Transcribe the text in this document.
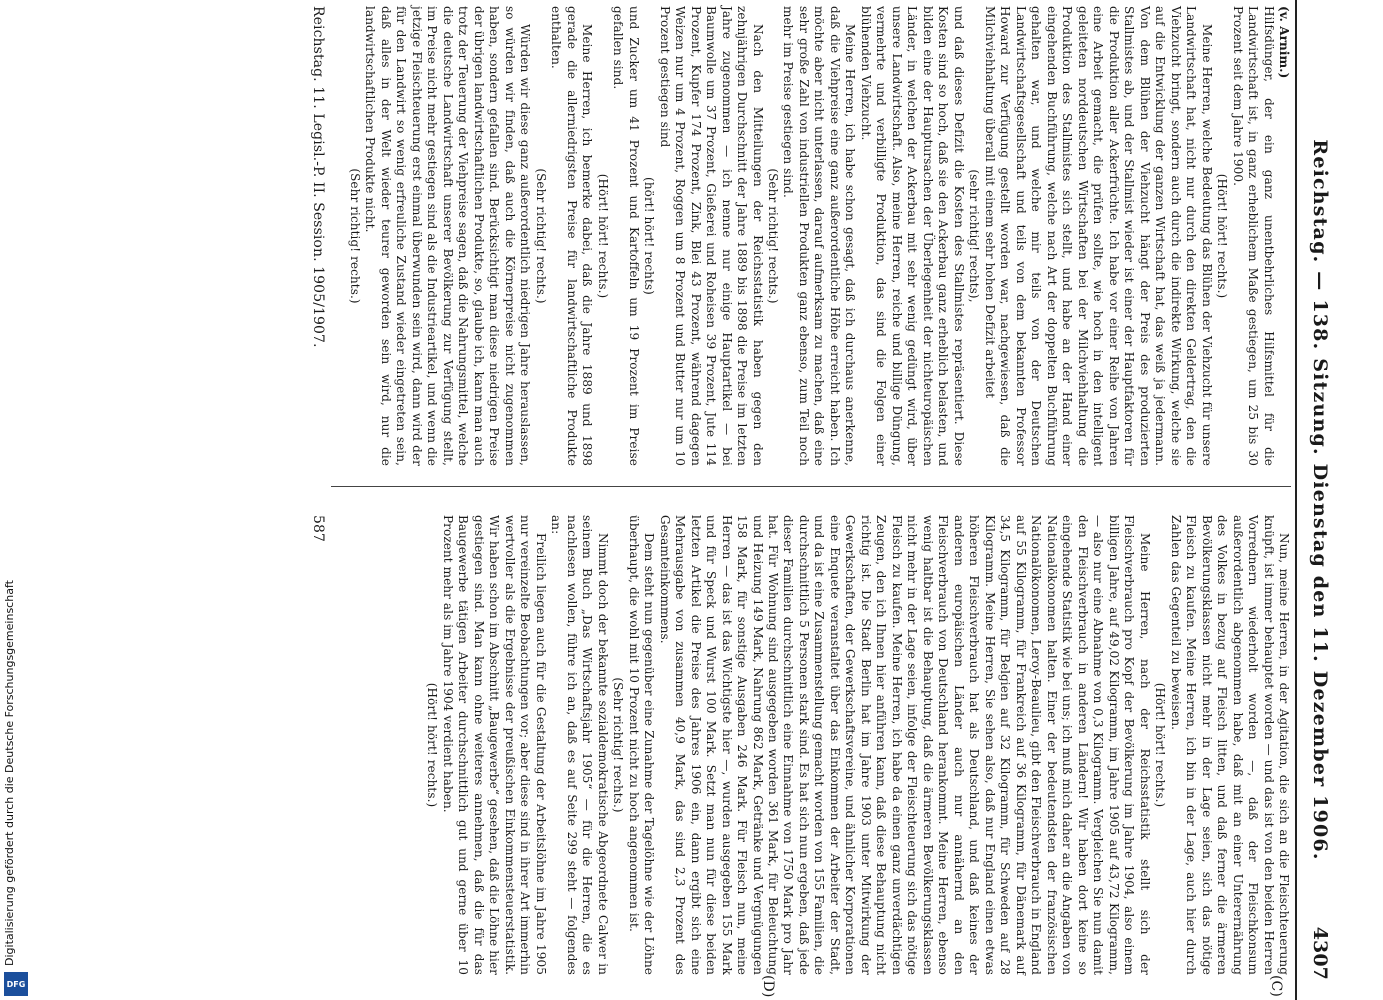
Digitalisierung gefördert durch die Deutsche Forschungsgemeinschaft
DFG
Reichstag. — 138. Sitzung. Dienstag den 11. Dezember 1906.
4307
(C)
(D)

(v. Arnim.)

Hilfsdünger, der ein ganz unentbehrliches Hilfsmittel für die Landwirtschaft ist, in ganz erheblichem Maße gestiegen, um 25 bis 30 Prozent seit dem Jahre 1900.

(Hört! hört! rechts.)

Meine Herren, welche Bedeutung das Blühen der Viehzucht für unsere Landwirtschaft hat, nicht nur durch den direkten Geldertrag, den die Viehzucht bringt, sondern auch durch die indirekte Wirkung, welche sie auf die Entwicklung der ganzen Wirtschaft hat, das weiß ja jedermann. Von dem Blühen der Viehzucht hängt der Preis des produzierten Stallmistes ab, und der Stallmist wieder ist einer der Hauptfaktoren für die Produktion aller Ackerfrüchte. Ich habe vor einer Reihe von Jahren eine Arbeit gemacht, die prüfen sollte, wie hoch in den intelligent geleiteten norddeutschen Wirtschaften bei der Milchviehhaltung die Produktion des Stallmistes sich stellt, und habe an der Hand einer eingehenden Buchführung, welche nach Art der doppelten Buchführung gehalten war, und welche mir teils von der Deutschen Landwirtschaftsgesellschaft und teils von dem bekannten Professor Howard zur Verfügung gestellt worden war, nachgewiesen, daß die Milchviehhaltung überall mit einem sehr hohen Defizit arbeitet

(sehr richtig! rechts),

und daß dieses Defizit die Kosten des Stallmistes repräsentiert. Diese Kosten sind so hoch, daß sie den Ackerbau ganz erheblich belasten, und bilden eine der Hauptursachen der Überlegenheit der nichteuropäischen Länder, in welchen der Ackerbau mit sehr wenig gedüngt wird, über unsere Landwirtschaft. Also, meine Herren, reiche und billige Düngung, vermehrte und verbilligte Produktion, das sind die Folgen einer blühenden Viehzucht.

Meine Herren, ich habe schon gesagt, daß ich durchaus anerkenne, daß die Viehpreise eine ganz außerordentliche Höhe erreicht haben. Ich möchte aber nicht unterlassen, darauf aufmerksam zu machen, daß eine sehr große Zahl von industriellen Produkten ganz ebenso, zum Teil noch mehr im Preise gestiegen sind.

(Sehr richtig! rechts.)

Nach den Mitteilungen der Reichsstatistik haben gegen den zehnjährigen Durchschnitt der Jahre 1889 bis 1898 die Preise im letzten Jahre zugenommen — ich nenne nur einige Hauptartikel — bei Baumwolle um 37 Prozent, Gießerei und Roheisen 39 Prozent, Jute 114 Prozent, Kupfer 174 Prozent, Zink, Blei 43 Prozent, während dagegen Weizen nur um 4 Prozent, Roggen um 8 Prozent und Butter nur um 10 Prozent gestiegen sind

(hört! hört! rechts)

und Zucker um 41 Prozent und Kartoffeln um 19 Prozent im Preise gefallen sind.

(Hört! hört! rechts.)

Meine Herren, ich bemerke dabei, daß die Jahre 1889 und 1898 gerade die allerniedrigsten Preise für landwirtschaftliche Produkte enthalten.

(Sehr richtig! rechts.)

Würden wir diese ganz außerordentlich niedrigen Jahre herauslassen, so würden wir finden, daß auch die Körnerpreise nicht zugenommen haben, sondern gefallen sind. Berücksichtigt man diese niedrigen Preise der übrigen landwirtschaftlichen Produkte, so, glaube ich, kann man auch trotz der Teuerung der Viehpreise sagen, daß die Nahrungsmittel, welche die deutsche Landwirtschaft unserer Bevölkerung zur Verfügung stellt, im Preise nicht mehr gestiegen sind als die Industrieartikel, und wenn die jetzige Fleischteuerung erst einmal überwunden sein wird, dann wird der für den Landwirt so wenig erfreuliche Zustand wieder eingetreten sein, daß alles in der Welt wieder teurer geworden sein wird, nur die landwirtschaftlichen Produkte nicht.

(Sehr richtig! rechts.)

Nun, meine Herren, in der Agitation, die sich an die Fleischteuerung knüpft, ist immer behauptet worden — und das ist von den beiden Herren Vorrednern wiederholt worden —, daß der Fleischkonsum außerordentlich abgenommen habe, daß mit an einer Unterernährung des Volkes in bezug auf Fleisch litten, und daß ferner die ärmeren Bevölkerungsklassen nicht mehr in der Lage seien, sich das nötige Fleisch zu kaufen. Meine Herren, ich bin in der Lage, auch hier durch Zahlen das Gegenteil zu beweisen.

(Hört! hört! rechts.)

Meine Herren, nach der Reichsstatistik stellt sich der Fleischverbrauch pro Kopf der Bevölkerung im Jahre 1904, also einem billigen Jahre, auf 49,02 Kilogramm, im Jahre 1905 auf 43,72 Kilogramm, — also nur eine Abnahme von 0,3 Kilogramm. Vergleichen Sie nun damit den Fleischverbrauch in anderen Ländern! Wir haben dort keine so eingehende Statistik wie bei uns; ich muß mich daher an die Angaben von Nationalökonomen halten. Einer der bedeutendsten der französischen Nationalökonomen, Leroy-Beaulieu, gibt den Fleischverbrauch in England auf 55 Kilogramm, für Frankreich auf 36 Kilogramm, für Dänemark auf 34,5 Kilogramm, für Belgien auf 32 Kilogramm, für Schweden auf 28 Kilogramm. Meine Herren, Sie sehen also, daß nur England einen etwas höheren Fleischverbrauch hat als Deutschland, und daß keines der anderen europäischen Länder auch nur annähernd an den Fleischverbrauch von Deutschland herankommt. Meine Herren, ebenso wenig haltbar ist die Behauptung, daß die ärmeren Bevölkerungsklassen nicht mehr in der Lage seien, infolge der Fleischteuerung sich das nötige Fleisch zu kaufen. Meine Herren, ich habe da einen ganz unverdächtigen Zeugen, den ich Ihnen hier anführen kann, daß diese Behauptung nicht richtig ist. Die Stadt Berlin hat im Jahre 1903 unter Mitwirkung der Gewerkschaften, der Gewerkschaftsvereine, und ähnlicher Korporationen eine Enquete veranstaltet über das Einkommen der Arbeiter der Stadt, und da ist eine Zusammenstellung gemacht worden von 155 Familien, die durchschnittlich 5 Personen stark sind. Es hat sich nun ergeben, daß jede dieser Familien durchschnittlich eine Einnahme von 1750 Mark pro Jahr hat. Für Wohnung sind ausgegeben worden 361 Mark, für Beleuchtung und Heizung 149 Mark, Nahrung 862 Mark, Getränke und Vergnügungen 158 Mark, für sonstige Ausgaben 246 Mark. Für Fleisch nun, meine Herren — das ist das Wichtigste hier —, wurden ausgegeben 155 Mark und für Speck und Wurst 100 Mark. Setzt man nun für diese beiden letzten Artikel die Preise des Jahres 1906 ein, dann ergibt sich eine Mehrausgabe von zusammen 40,9 Mark, das sind 2,3 Prozent des Gesamteinkommens.

Dem steht nun gegenüber eine Zunahme der Tagelöhne wie der Löhne überhaupt, die wohl mit 10 Prozent nicht zu hoch angenommen ist.

(Sehr richtig! rechts.)

Nimmt doch der bekannte sozialdemokratische Abgeordnete Calwer in seinem Buch „Das Wirtschaftsjahr 1905“ — für die Herren, die es nachlesen wollen, führe ich an, daß es auf Seite 299 steht — folgendes an:

Freilich liegen auch für die Gestaltung der Arbeitslöhne im Jahre 1905 nur vereinzelte Beobachtungen vor; aber diese sind in ihrer Art immerhin wertvoller als die Ergebnisse der preußischen Einkommensteuerstatistik. Wir haben schon im Abschnitt „Baugewerbe“ gesehen, daß die Löhne hier gestiegen sind. Man kann ohne weiteres annehmen, daß die für das Baugewerbe tätigen Arbeiter durchschnittlich gut und gerne über 10 Prozent mehr als im Jahre 1904 verdient haben.

(Hört! hört! rechts.)

Reichstag. 11. Legisl.-P. II. Session. 1905/1907.
587
